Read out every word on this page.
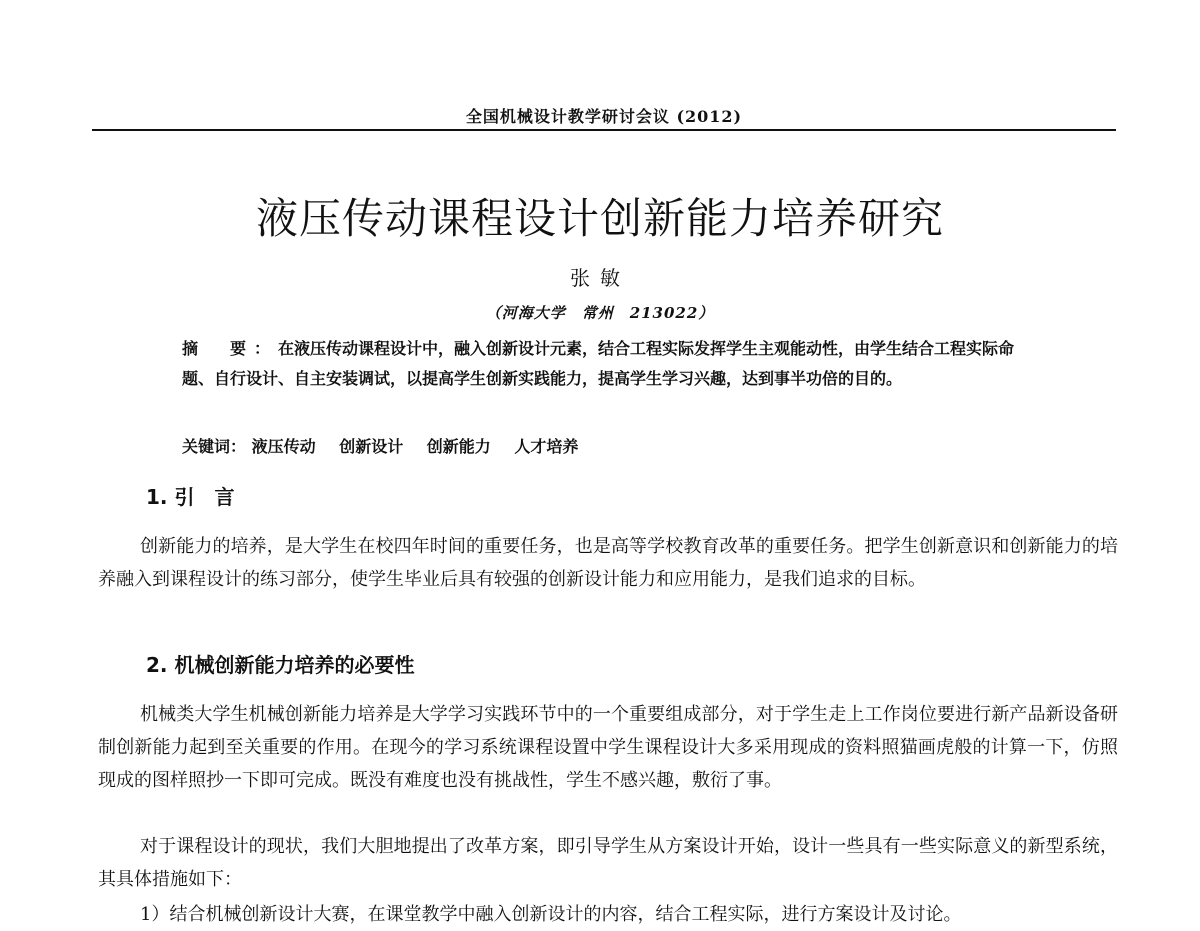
全国机械设计教学研讨会议 (2012)
液压传动课程设计创新能力培养研究
张敏
（河海大学　常州　213022）
摘　要：在液压传动课程设计中，融入创新设计元素，结合工程实际发挥学生主观能动性，由学生结合工程实际命题、自行设计、自主安装调试，以提高学生创新实践能力，提高学生学习兴趣，达到事半功倍的目的。
关键词： 液压传动 创新设计 创新能力 人才培养
1. 引　言
创新能力的培养，是大学生在校四年时间的重要任务，也是高等学校教育改革的重要任务。把学生创新意识和创新能力的培养融入到课程设计的练习部分，使学生毕业后具有较强的创新设计能力和应用能力，是我们追求的目标。
2. 机械创新能力培养的必要性
机械类大学生机械创新能力培养是大学学习实践环节中的一个重要组成部分，对于学生走上工作岗位要进行新产品新设备研制创新能力起到至关重要的作用。在现今的学习系统课程设置中学生课程设计大多采用现成的资料照猫画虎般的计算一下，仿照现成的图样照抄一下即可完成。既没有难度也没有挑战性，学生不感兴趣，敷衍了事。
对于课程设计的现状，我们大胆地提出了改革方案，即引导学生从方案设计开始，设计一些具有一些实际意义的新型系统，其具体措施如下：
1）结合机械创新设计大赛，在课堂教学中融入创新设计的内容，结合工程实际，进行方案设计及讨论。
